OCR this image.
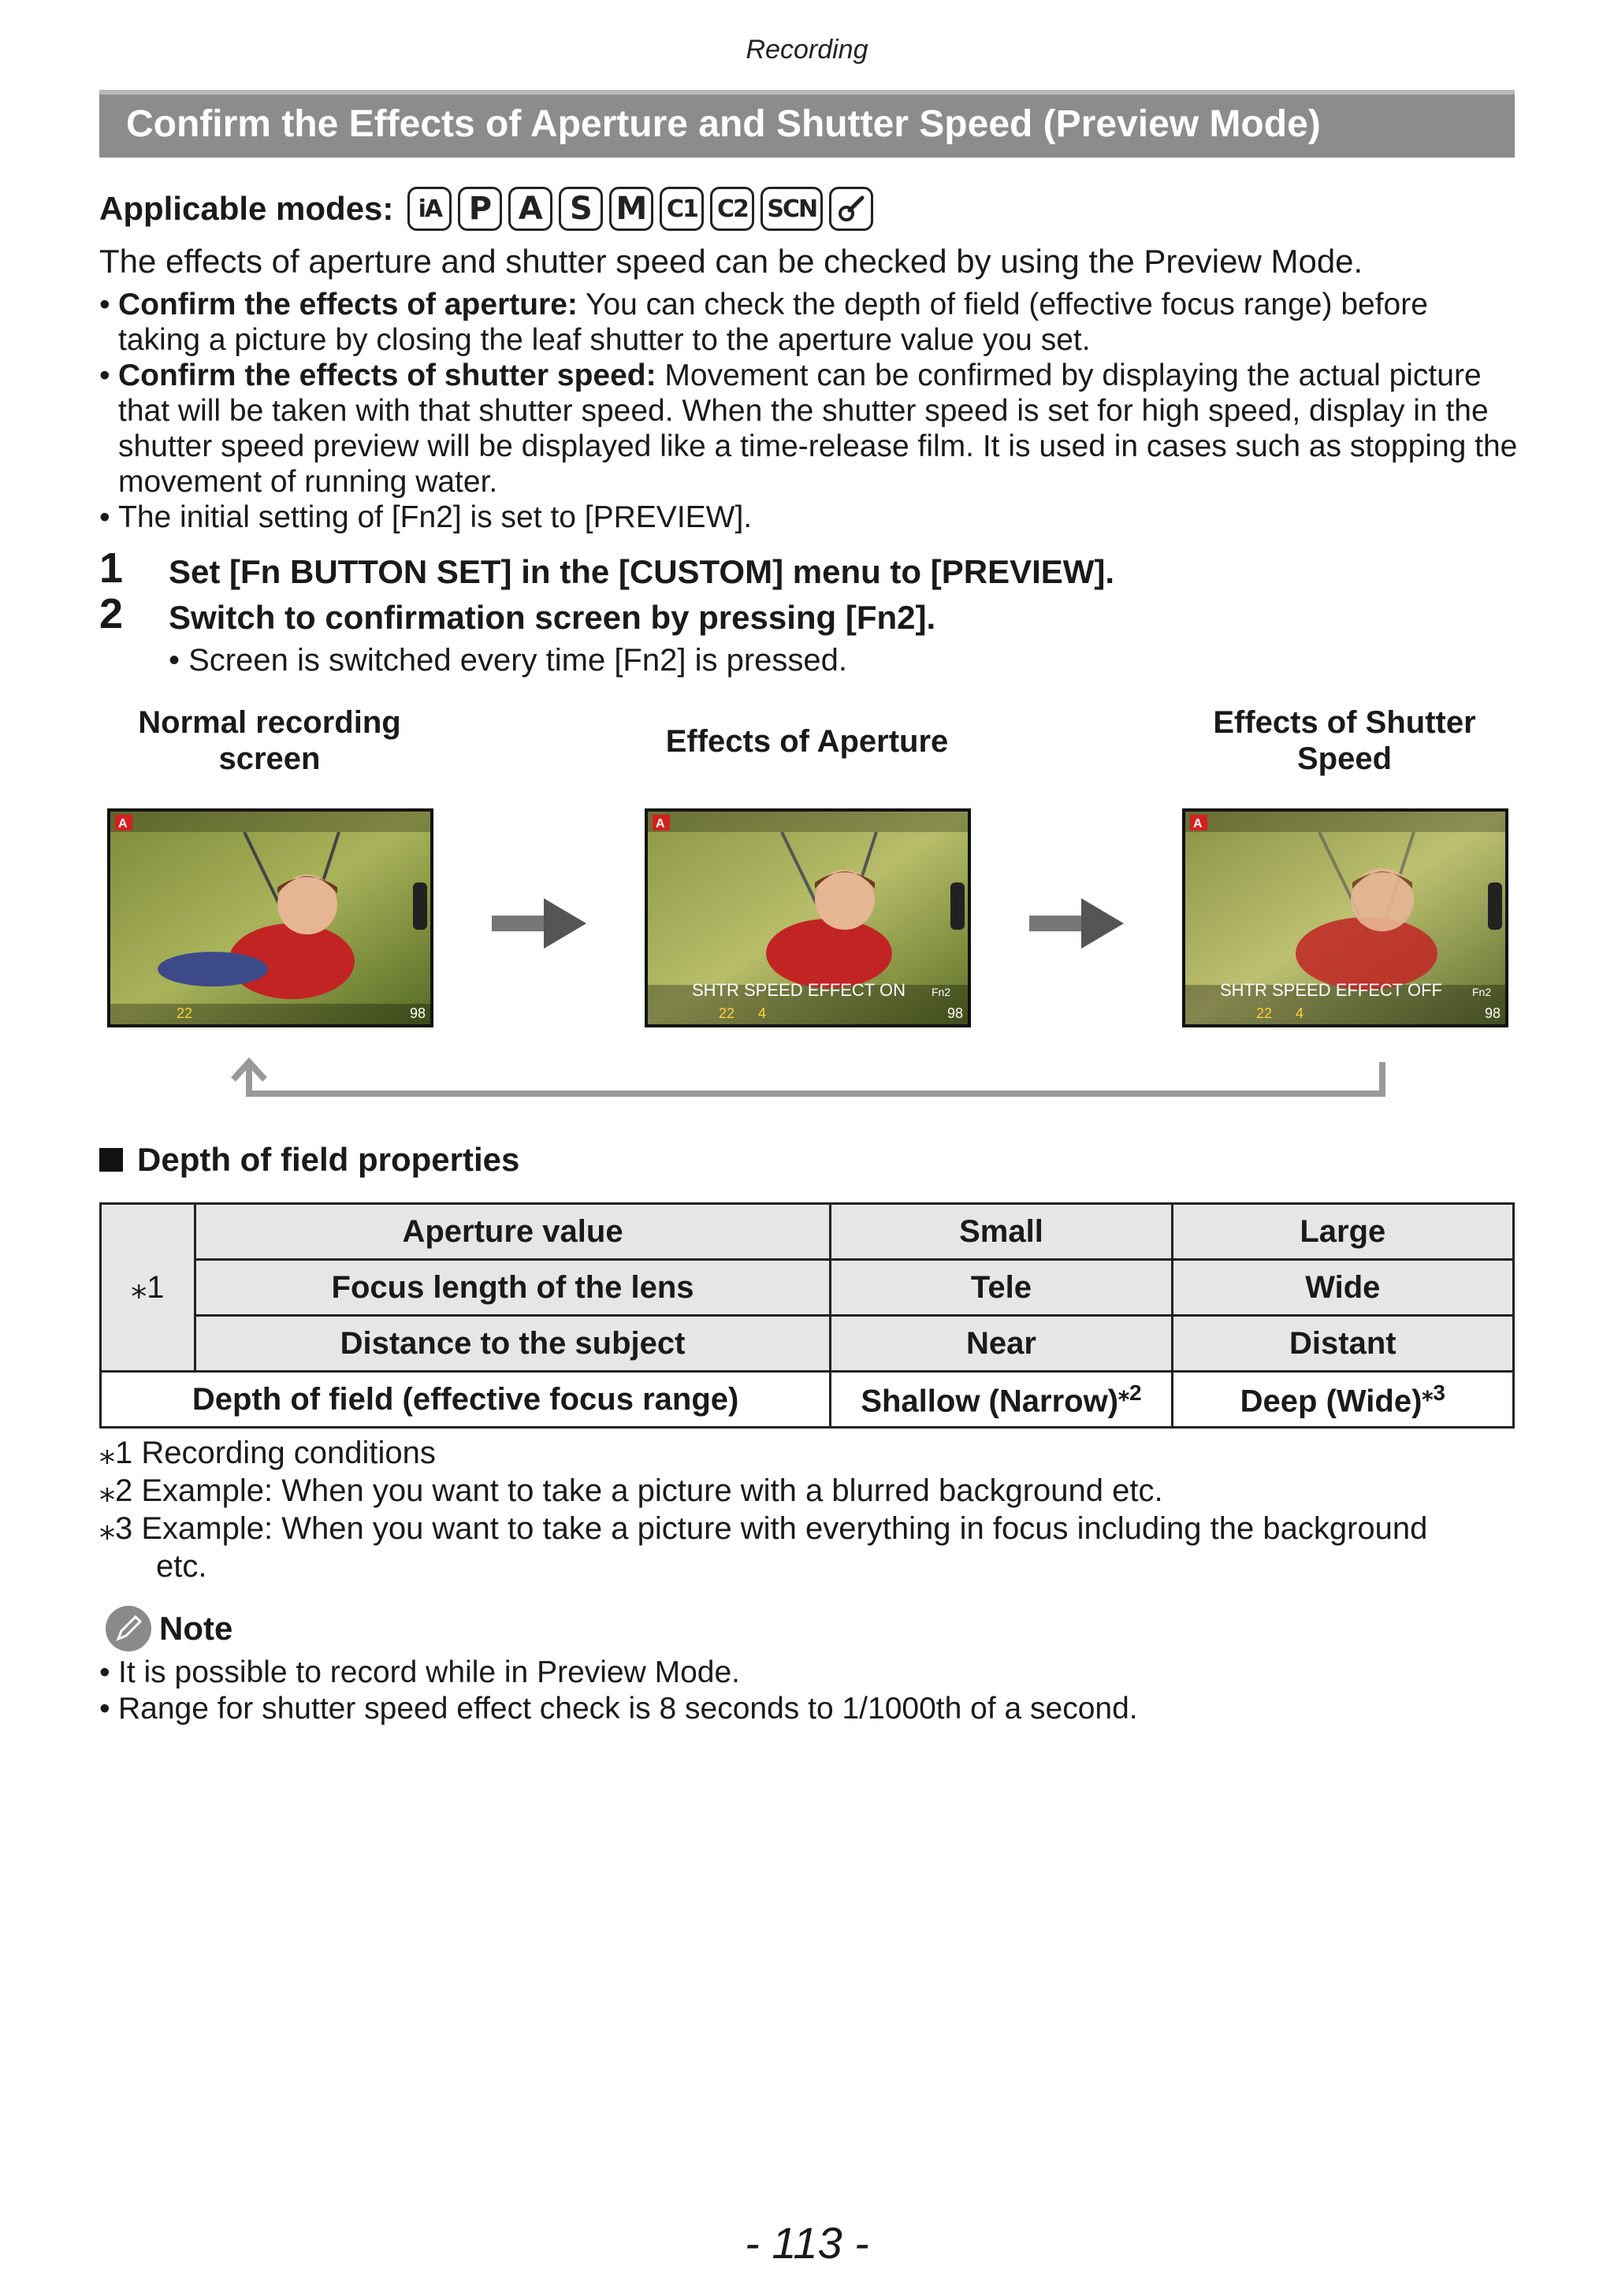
Recording
Confirm the Effects of Aperture and Shutter Speed (Preview Mode)
Applicable modes:	iA P A S M C1 C2 SCN
The effects of aperture and shutter speed can be checked by using the Preview Mode.
• Confirm the effects of aperture: You can check the depth of field (effective focus range) before taking a picture by closing the leaf shutter to the aperture value you set.
• Confirm the effects of shutter speed: Movement can be confirmed by displaying the actual picture that will be taken with that shutter speed. When the shutter speed is set for high speed, display in the shutter speed preview will be displayed like a time-release film. It is used in cases such as stopping the movement of running water.
• The initial setting of [Fn2] is set to [PREVIEW].
1 Set [Fn BUTTON SET] in the [CUSTOM] menu to [PREVIEW].
2 Switch to confirmation screen by pressing [Fn2].
• Screen is switched every time [Fn2] is pressed.
Normal recording
screen	Effects of Aperture
Effects of Shutter
Speed
A
22	98
A
SHTR SPEED EFFECT ON Fn2
22 4	98
A
SHTR SPEED EFFECT OFF	Fn2
22 4	98
Depth of field properties
⁎1	Aperture value	Small	Large
	Focus length of the lens	Tele	Wide
	Distance to the subject	Near	Distant
Depth of field (effective focus range)		Shallow (Narrow)$^{⁎2}$	Deep (Wide)$^{⁎3}$
⁎1 Recording conditions
⁎2 Example: When you want to take a picture with a blurred background etc.
⁎3 Example: When you want to take a picture with everything in focus including the background
etc.
Note
• It is possible to record while in Preview Mode.
• Range for shutter speed effect check is 8 seconds to 1/1000th of a second.
- 113 -
